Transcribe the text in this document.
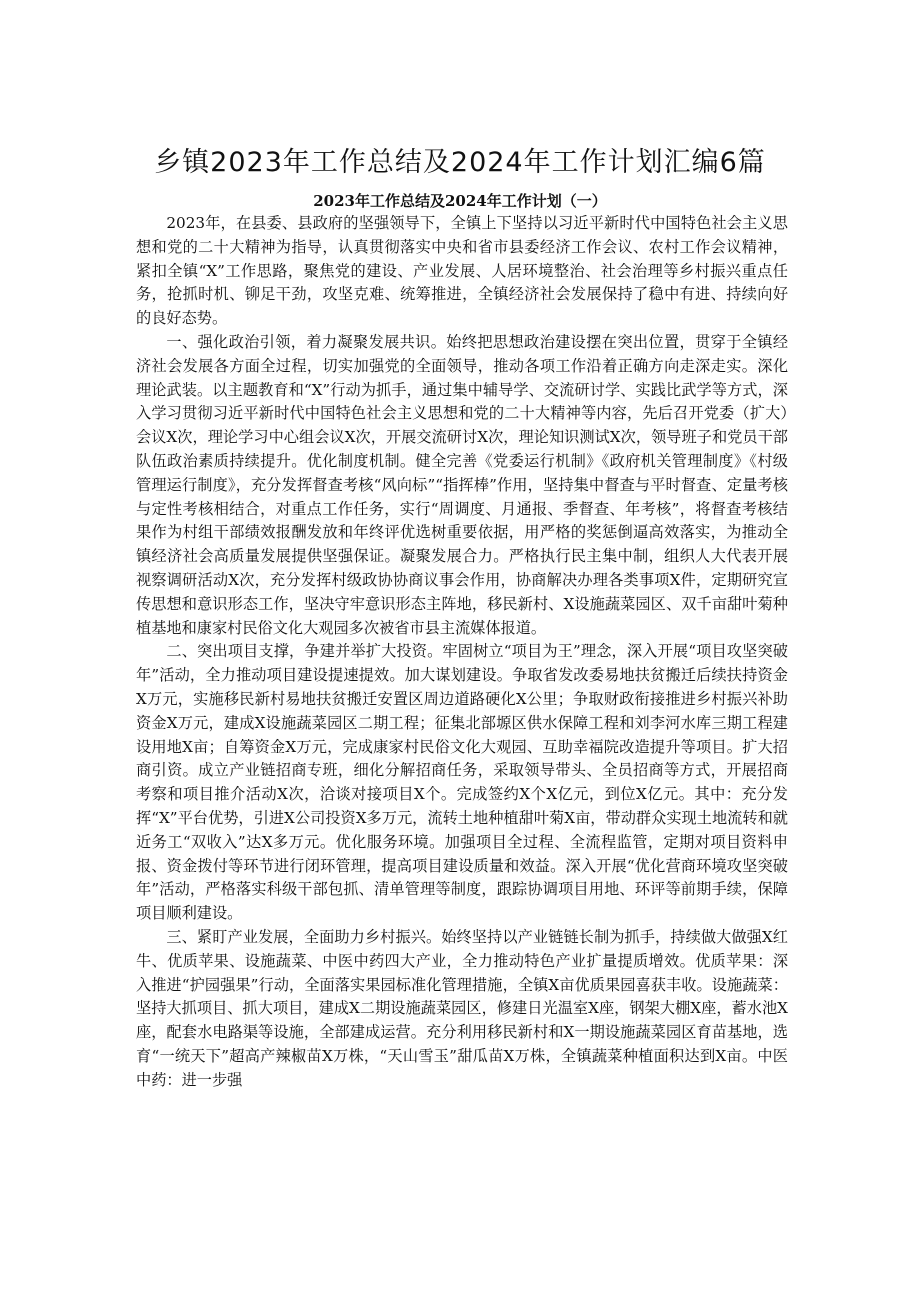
乡镇2023年工作总结及2024年工作计划汇编6篇
2023年工作总结及2024年工作计划（一）

2023年，在县委、县政府的坚强领导下，全镇上下坚持以习近平新时代中国特色社会主义思想和党的二十大精神为指导，认真贯彻落实中央和省市县委经济工作会议、农村工作会议精神，紧扣全镇“X”工作思路，聚焦党的建设、产业发展、人居环境整治、社会治理等乡村振兴重点任务，抢抓时机、铆足干劲，攻坚克难、统筹推进，全镇经济社会发展保持了稳中有进、持续向好的良好态势。

一、强化政治引领，着力凝聚发展共识。始终把思想政治建设摆在突出位置，贯穿于全镇经济社会发展各方面全过程，切实加强党的全面领导，推动各项工作沿着正确方向走深走实。深化理论武装。以主题教育和“X”行动为抓手，通过集中辅导学、交流研讨学、实践比武学等方式，深入学习贯彻习近平新时代中国特色社会主义思想和党的二十大精神等内容，先后召开党委（扩大）会议X次，理论学习中心组会议X次，开展交流研讨X次，理论知识测试X次，领导班子和党员干部队伍政治素质持续提升。优化制度机制。健全完善《党委运行机制》《政府机关管理制度》《村级管理运行制度》，充分发挥督查考核“风向标”“指挥棒”作用，坚持集中督查与平时督查、定量考核与定性考核相结合，对重点工作任务，实行“周调度、月通报、季督查、年考核”，将督查考核结果作为村组干部绩效报酬发放和年终评优选树重要依据，用严格的奖惩倒逼高效落实，为推动全镇经济社会高质量发展提供坚强保证。凝聚发展合力。严格执行民主集中制，组织人大代表开展视察调研活动X次，充分发挥村级政协协商议事会作用，协商解决办理各类事项X件，定期研究宣传思想和意识形态工作，坚决守牢意识形态主阵地，移民新村、X设施蔬菜园区、双千亩甜叶菊种植基地和康家村民俗文化大观园多次被省市县主流媒体报道。

二、突出项目支撑，争建并举扩大投资。牢固树立“项目为王”理念，深入开展“项目攻坚突破年”活动，全力推动项目建设提速提效。加大谋划建设。争取省发改委易地扶贫搬迁后续扶持资金X万元，实施移民新村易地扶贫搬迁安置区周边道路硬化X公里；争取财政衔接推进乡村振兴补助资金X万元，建成X设施蔬菜园区二期工程；征集北部塬区供水保障工程和刘李河水库三期工程建设用地X亩；自筹资金X万元，完成康家村民俗文化大观园、互助幸福院改造提升等项目。扩大招商引资。成立产业链招商专班，细化分解招商任务，采取领导带头、全员招商等方式，开展招商考察和项目推介活动X次，洽谈对接项目X个。完成签约X个X亿元，到位X亿元。其中：充分发挥“X”平台优势，引进X公司投资X多万元，流转土地种植甜叶菊X亩，带动群众实现土地流转和就近务工“双收入”达X多万元。优化服务环境。加强项目全过程、全流程监管，定期对项目资料申报、资金拨付等环节进行闭环管理，提高项目建设质量和效益。深入开展“优化营商环境攻坚突破年”活动，严格落实科级干部包抓、清单管理等制度，跟踪协调项目用地、环评等前期手续，保障项目顺利建设。

三、紧盯产业发展，全面助力乡村振兴。始终坚持以产业链链长制为抓手，持续做大做强X红牛、优质苹果、设施蔬菜、中医中药四大产业，全力推动特色产业扩量提质增效。优质苹果：深入推进“护园强果”行动，全面落实果园标准化管理措施，全镇X亩优质果园喜获丰收。设施蔬菜：坚持大抓项目、抓大项目，建成X二期设施蔬菜园区，修建日光温室X座，钢架大棚X座，蓄水池X座，配套水电路渠等设施，全部建成运营。充分利用移民新村和X一期设施蔬菜园区育苗基地，选育“一统天下”超高产辣椒苗X万株，“天山雪玉”甜瓜苗X万株，全镇蔬菜种植面积达到X亩。中医中药：进一步强
